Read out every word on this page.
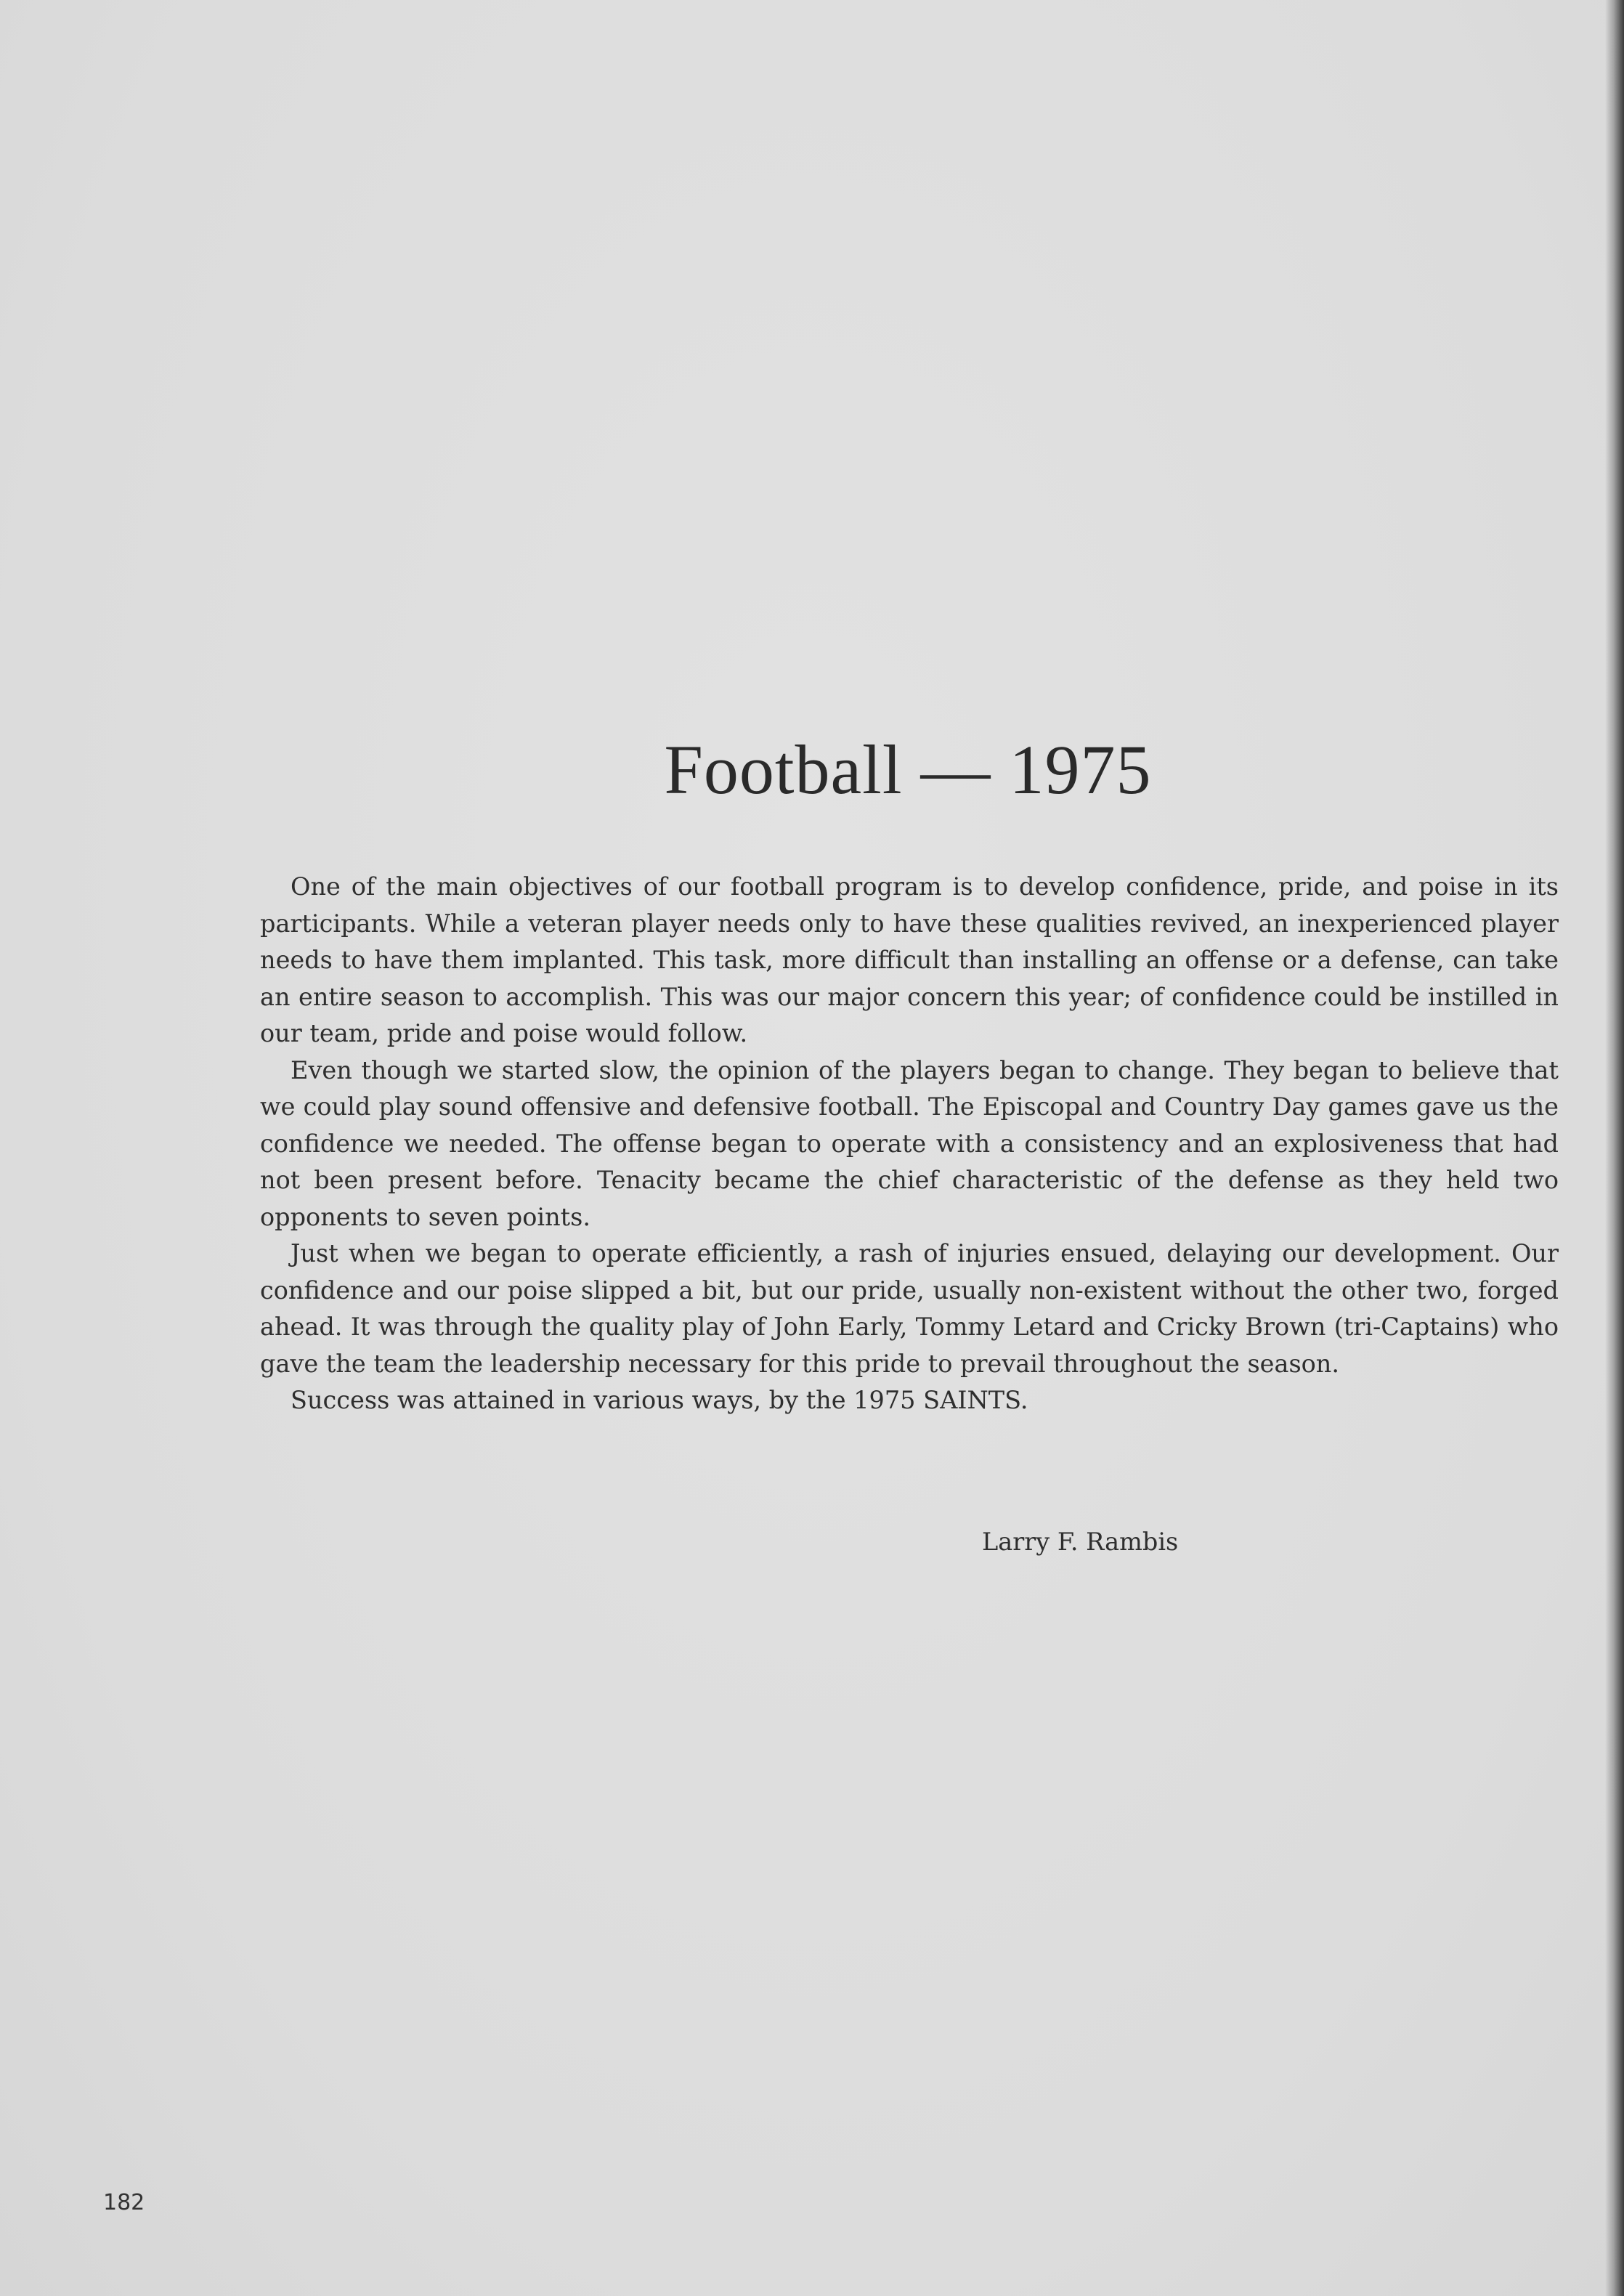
Football — 1975

One of the main objectives of our football program is to develop confidence, pride, and poise in its participants. While a veteran player needs only to have these qualities revived, an inexperienced player needs to have them implanted. This task, more difficult than installing an offense or a defense, can take an entire season to accomplish. This was our major concern this year; of confidence could be instilled in our team, pride and poise would follow.

Even though we started slow, the opinion of the players began to change. They began to believe that we could play sound offensive and defensive football. The Episcopal and Country Day games gave us the confidence we needed. The offense began to operate with a consistency and an explosiveness that had not been present before. Tenacity became the chief characteristic of the defense as they held two opponents to seven points.

Just when we began to operate efficiently, a rash of injuries ensued, delaying our development. Our confidence and our poise slipped a bit, but our pride, usually non-existent without the other two, forged ahead. It was through the quality play of John Early, Tommy Letard and Cricky Brown (tri-Captains) who gave the team the leadership necessary for this pride to prevail throughout the season.

Success was attained in various ways, by the 1975 SAINTS.

Larry F. Rambis
182
